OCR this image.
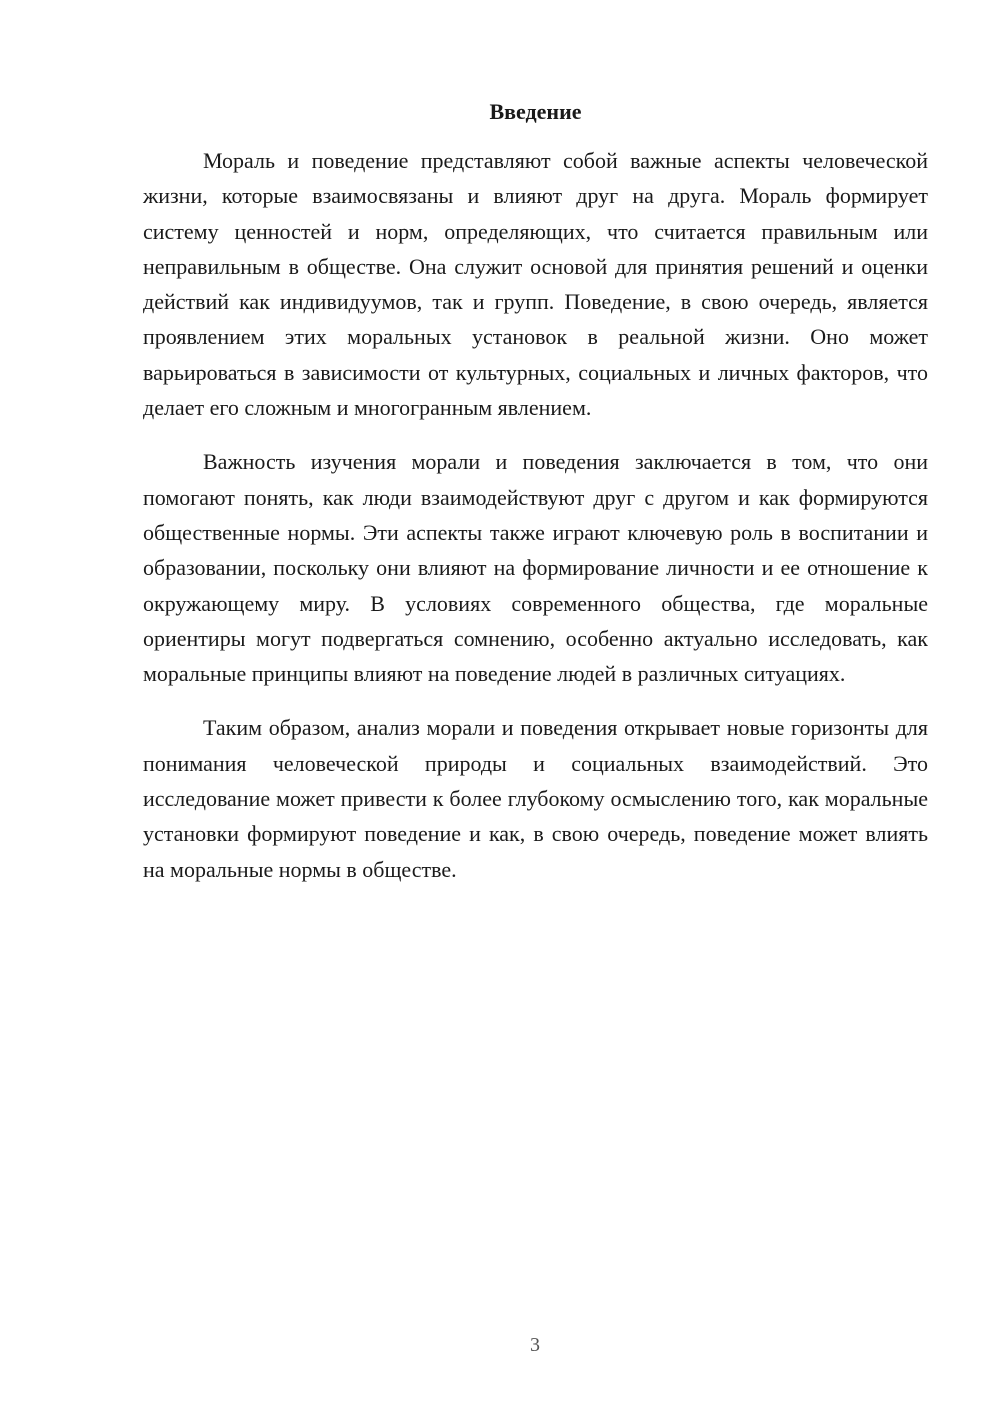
Введение

Мораль и поведение представляют собой важные аспекты человеческой жизни, которые взаимосвязаны и влияют друг на друга. Мораль формирует систему ценностей и норм, определяющих, что считается правильным или неправильным в обществе. Она служит основой для принятия решений и оценки действий как индивидуумов, так и групп. Поведение, в свою очередь, является проявлением этих моральных установок в реальной жизни. Оно может варьироваться в зависимости от культурных, социальных и личных факторов, что делает его сложным и многогранным явлением.

Важность изучения морали и поведения заключается в том, что они помогают понять, как люди взаимодействуют друг с другом и как формируются общественные нормы. Эти аспекты также играют ключевую роль в воспитании и образовании, поскольку они влияют на формирование личности и ее отношение к окружающему миру. В условиях современного общества, где моральные ориентиры могут подвергаться сомнению, особенно актуально исследовать, как моральные принципы влияют на поведение людей в различных ситуациях.

Таким образом, анализ морали и поведения открывает новые горизонты для понимания человеческой природы и социальных взаимодействий. Это исследование может привести к более глубокому осмыслению того, как моральные установки формируют поведение и как, в свою очередь, поведение может влиять на моральные нормы в обществе.

3
